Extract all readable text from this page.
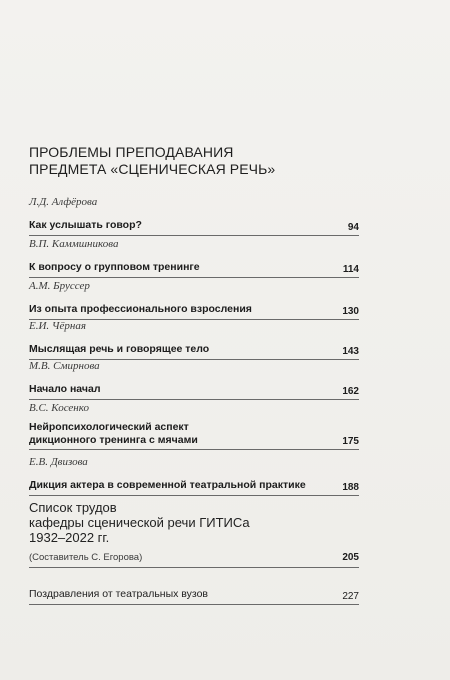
ПРОБЛЕМЫ ПРЕПОДАВАНИЯ
ПРЕДМЕТА «СЦЕНИЧЕСКАЯ РЕЧЬ»
Л.Д. Алфёрова
Как услышать говор?	94
В.П. Каммшникова
К вопросу о групповом тренинге	114
А.М. Бруссер
Из опыта профессионального взросления	130
Е.И. Чёрная
Мыслящая речь и говорящее тело	143
М.В. Смирнова
Начало начал	162
В.С. Косенко
Нейропсихологический аспект
дикционного тренинга с мячами	175
Е.В. Двизова
Дикция актера в современной театральной практике	188
Список трудов
кафедры сценической речи ГИТИСа
1932–2022 гг.
(Составитель С. Егорова)	205
Поздравления от театральных вузов	227
